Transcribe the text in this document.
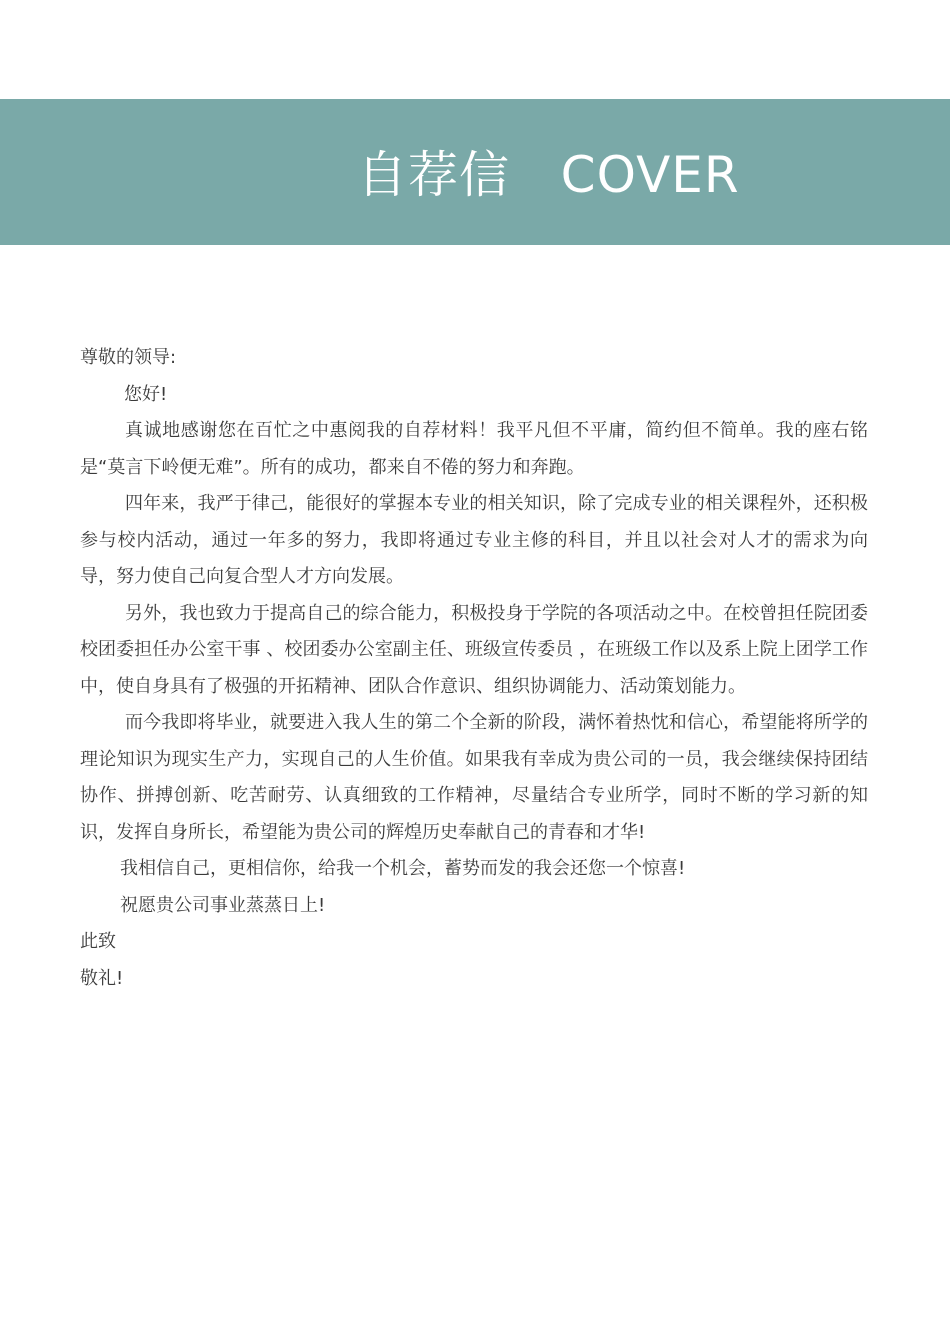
自荐信   COVER

尊敬的领导:

您好!

真诚地感谢您在百忙之中惠阅我的自荐材料！我平凡但不平庸，简约但不简单。我的座右铭是“莫言下岭便无难”。所有的成功，都来自不倦的努力和奔跑。

四年来，我严于律己，能很好的掌握本专业的相关知识，除了完成专业的相关课程外，还积极参与校内活动，通过一年多的努力，我即将通过专业主修的科目，并且以社会对人才的需求为向导，努力使自己向复合型人才方向发展。

另外，我也致力于提高自己的综合能力，积极投身于学院的各项活动之中。在校曾担任院团委校团委担任办公室干事 、校团委办公室副主任、班级宣传委员 ，在班级工作以及系上院上团学工作中，使自身具有了极强的开拓精神、团队合作意识、组织协调能力、活动策划能力。

而今我即将毕业，就要进入我人生的第二个全新的阶段，满怀着热忱和信心，希望能将所学的理论知识为现实生产力，实现自己的人生价值。如果我有幸成为贵公司的一员，我会继续保持团结协作、拼搏创新、吃苦耐劳、认真细致的工作精神，尽量结合专业所学，同时不断的学习新的知识，发挥自身所长，希望能为贵公司的辉煌历史奉献自己的青春和才华!

我相信自己，更相信你，给我一个机会，蓄势而发的我会还您一个惊喜!

祝愿贵公司事业蒸蒸日上!

此致

敬礼!
